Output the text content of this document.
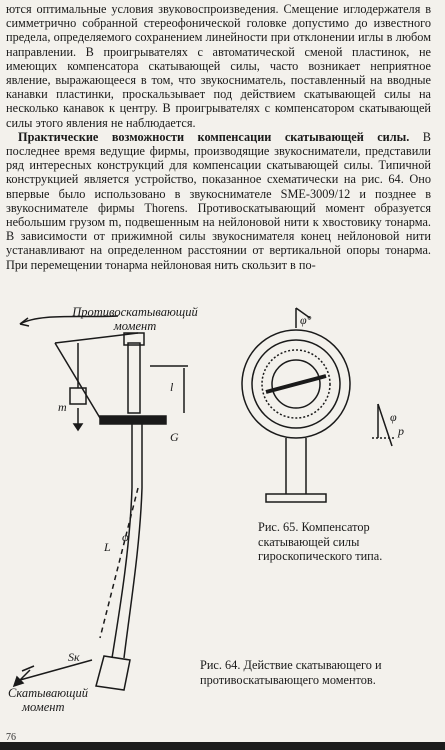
ются оптимальные условия звуковоспроизведения. Смещение иглодержателя в симметрично собранной стереофонической головке допустимо до известного предела, определяемого сохранением линейности при отклонении иглы в любом направлении. В проигрывателях с автоматической сменой пластинок, не имеющих компенсатора скатывающей силы, часто возникает неприятное явление, выражающееся в том, что звукосниматель, поставленный на вводные канавки пластинки, проскальзывает под действием скатывающей силы на несколько канавок к центру. В проигрывателях с компенсатором скатывающей силы этого явления не наблюдается.

Практические возможности компенсации скатывающей силы. В последнее время ведущие фирмы, производящие звукосниматели, представили ряд интересных конструкций для компенсации скатывающей силы. Типичной конструкцией является устройство, показанное схематически на рис. 64. Оно впервые было использовано в звукоснимателе SME-3009/12 и позднее в звукоснимателе фирмы Thorens. Противоскатывающий момент образуется небольшим грузом m, подвешенным на нейлоновой нити к хвостовику тонарма. В зависимости от прижимной силы звукоснимателя конец нейлоновой нити устанавливают на определенном расстоянии от вертикальной опоры тонарма. При перемещении тонарма нейлоновая нить скользит в по-

Противоскатывающий
момент
Скатывающий
момент
m
l
G
L
φ
Sк
φ°
φ
p
Рис. 65. Компенсатор скатывающей силы гироскопического типа.
Рис. 64. Действие скатывающего и противоскатывающего моментов.
76
